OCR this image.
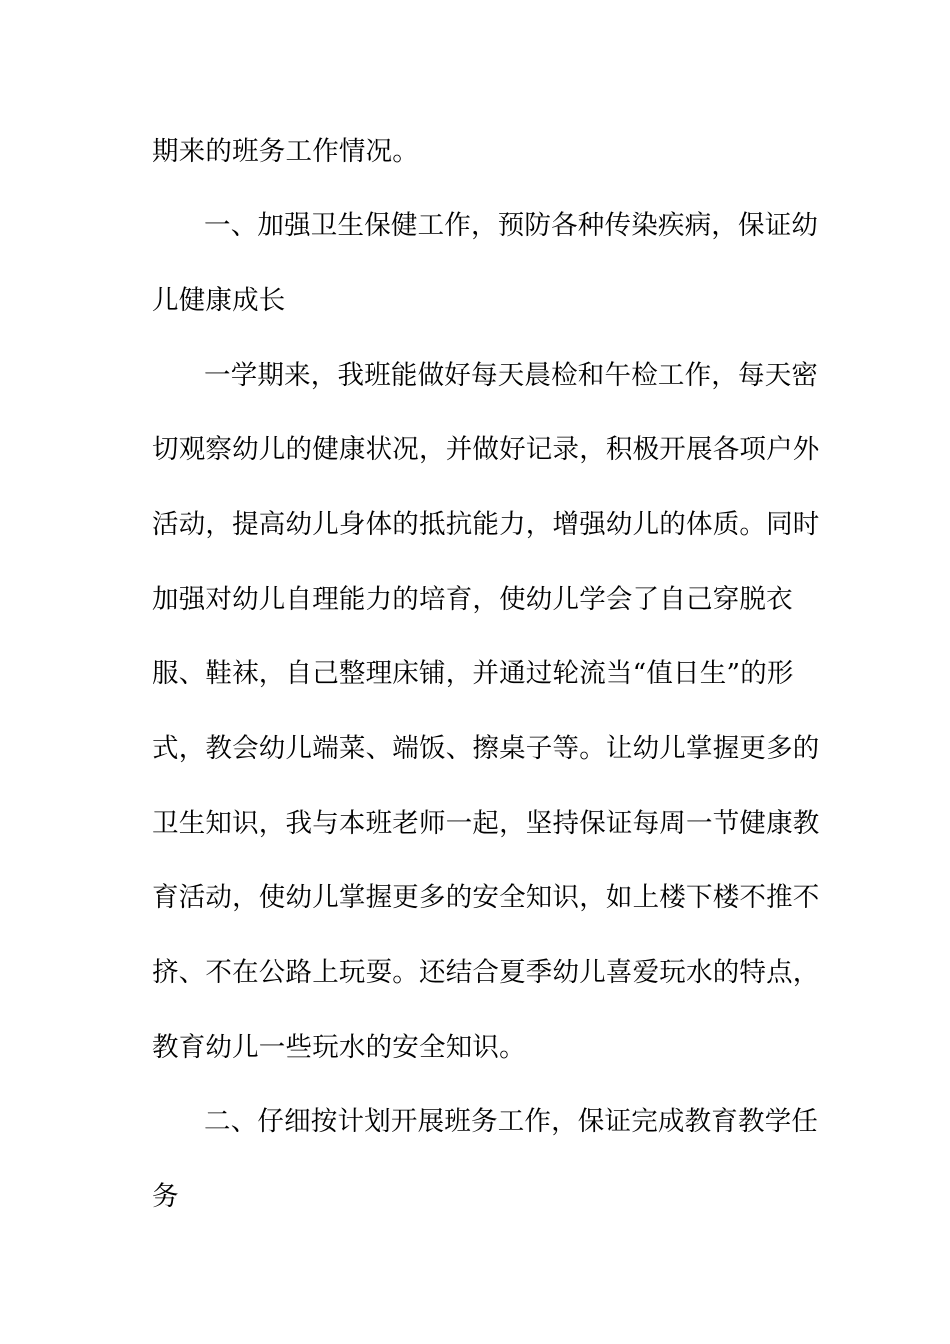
期来的班务工作情况。

一、加强卫生保健工作，预防各种传染疾病，保证幼

儿健康成长

一学期来，我班能做好每天晨检和午检工作，每天密

切观察幼儿的健康状况，并做好记录，积极开展各项户外

活动，提高幼儿身体的抵抗能力，增强幼儿的体质。同时

加强对幼儿自理能力的培育，使幼儿学会了自己穿脱衣

服、鞋袜，自己整理床铺，并通过轮流当“值日生”的形

式，教会幼儿端菜、端饭、擦桌子等。让幼儿掌握更多的

卫生知识，我与本班老师一起，坚持保证每周一节健康教

育活动，使幼儿掌握更多的安全知识，如上楼下楼不推不

挤、不在公路上玩耍。还结合夏季幼儿喜爱玩水的特点，

教育幼儿一些玩水的安全知识。

二、仔细按计划开展班务工作，保证完成教育教学任

务
